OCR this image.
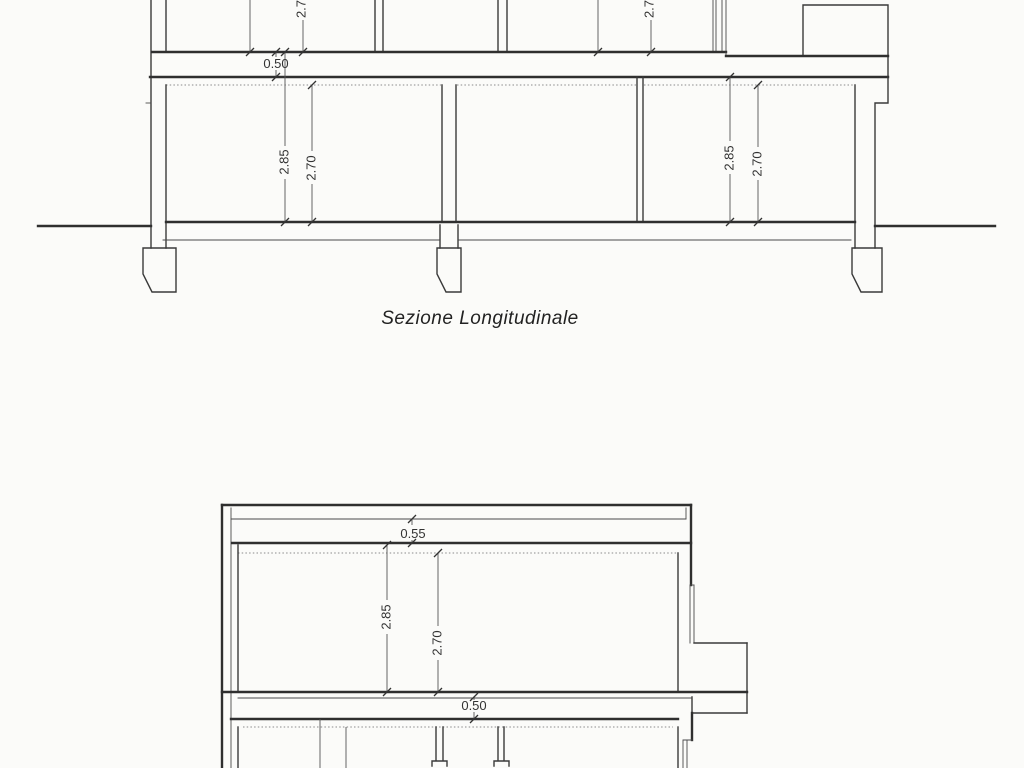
2.7	2.7
0.50
2.85 2.70	2.85 2.70
Sezione Longitudinale
0.55
2.85
2.70
0.50
